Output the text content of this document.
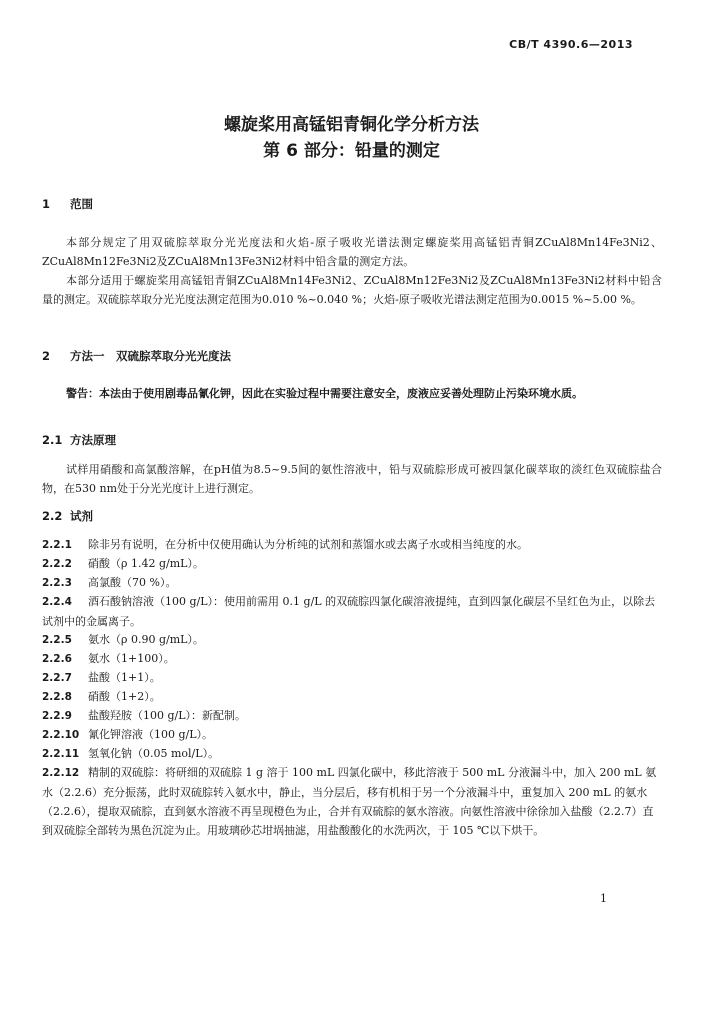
CB/T 4390.6—2013
螺旋桨用高锰铝青铜化学分析方法
第 6 部分：铅量的测定
1 范围
本部分规定了用双硫腙萃取分光光度法和火焰-原子吸收光谱法测定螺旋桨用高锰铝青铜ZCuAl8Mn14Fe3Ni2、ZCuAl8Mn12Fe3Ni2及ZCuAl8Mn13Fe3Ni2材料中铅含量的测定方法。
本部分适用于螺旋桨用高锰铝青铜ZCuAl8Mn14Fe3Ni2、ZCuAl8Mn12Fe3Ni2及ZCuAl8Mn13Fe3Ni2材料中铅含量的测定。双硫腙萃取分光光度法测定范围为0.010 %~0.040 %；火焰-原子吸收光谱法测定范围为0.0015 %~5.00 %。
2 方法一　双硫腙萃取分光光度法
警告：本法由于使用剧毒品氰化钾，因此在实验过程中需要注意安全，废液应妥善处理防止污染环境水质。
2.1 方法原理
试样用硝酸和高氯酸溶解，在pH值为8.5~9.5间的氨性溶液中，铅与双硫腙形成可被四氯化碳萃取的淡红色双硫腙盐合物，在530 nm处于分光光度计上进行测定。
2.2 试剂
2.2.1 除非另有说明，在分析中仅使用确认为分析纯的试剂和蒸馏水或去离子水或相当纯度的水。
2.2.2 硝酸（ρ 1.42 g/mL）。
2.2.3 高氯酸（70 %）。
2.2.4 酒石酸钠溶液（100 g/L）：使用前需用 0.1 g/L 的双硫腙四氯化碳溶液提纯，直到四氯化碳层不呈红色为止，以除去试剂中的金属离子。
2.2.5 氨水（ρ 0.90 g/mL）。
2.2.6 氨水（1+100）。
2.2.7 盐酸（1+1）。
2.2.8 硝酸（1+2）。
2.2.9 盐酸羟胺（100 g/L）：新配制。
2.2.10 氰化钾溶液（100 g/L）。
2.2.11 氢氧化钠（0.05 mol/L）。
2.2.12 精制的双硫腙：将研细的双硫腙 1 g 溶于 100 mL 四氯化碳中，移此溶液于 500 mL 分液漏斗中，加入 200 mL 氨水（2.2.6）充分振荡，此时双硫腙转入氨水中，静止，当分层后，移有机相于另一个分液漏斗中，重复加入 200 mL 的氨水（2.2.6），提取双硫腙，直到氨水溶液不再呈现橙色为止，合并有双硫腙的氨水溶液。向氨性溶液中徐徐加入盐酸（2.2.7）直到双硫腙全部转为黑色沉淀为止。用玻璃砂芯坩埚抽滤，用盐酸酸化的水洗两次，于 105 ℃以下烘干。
1
